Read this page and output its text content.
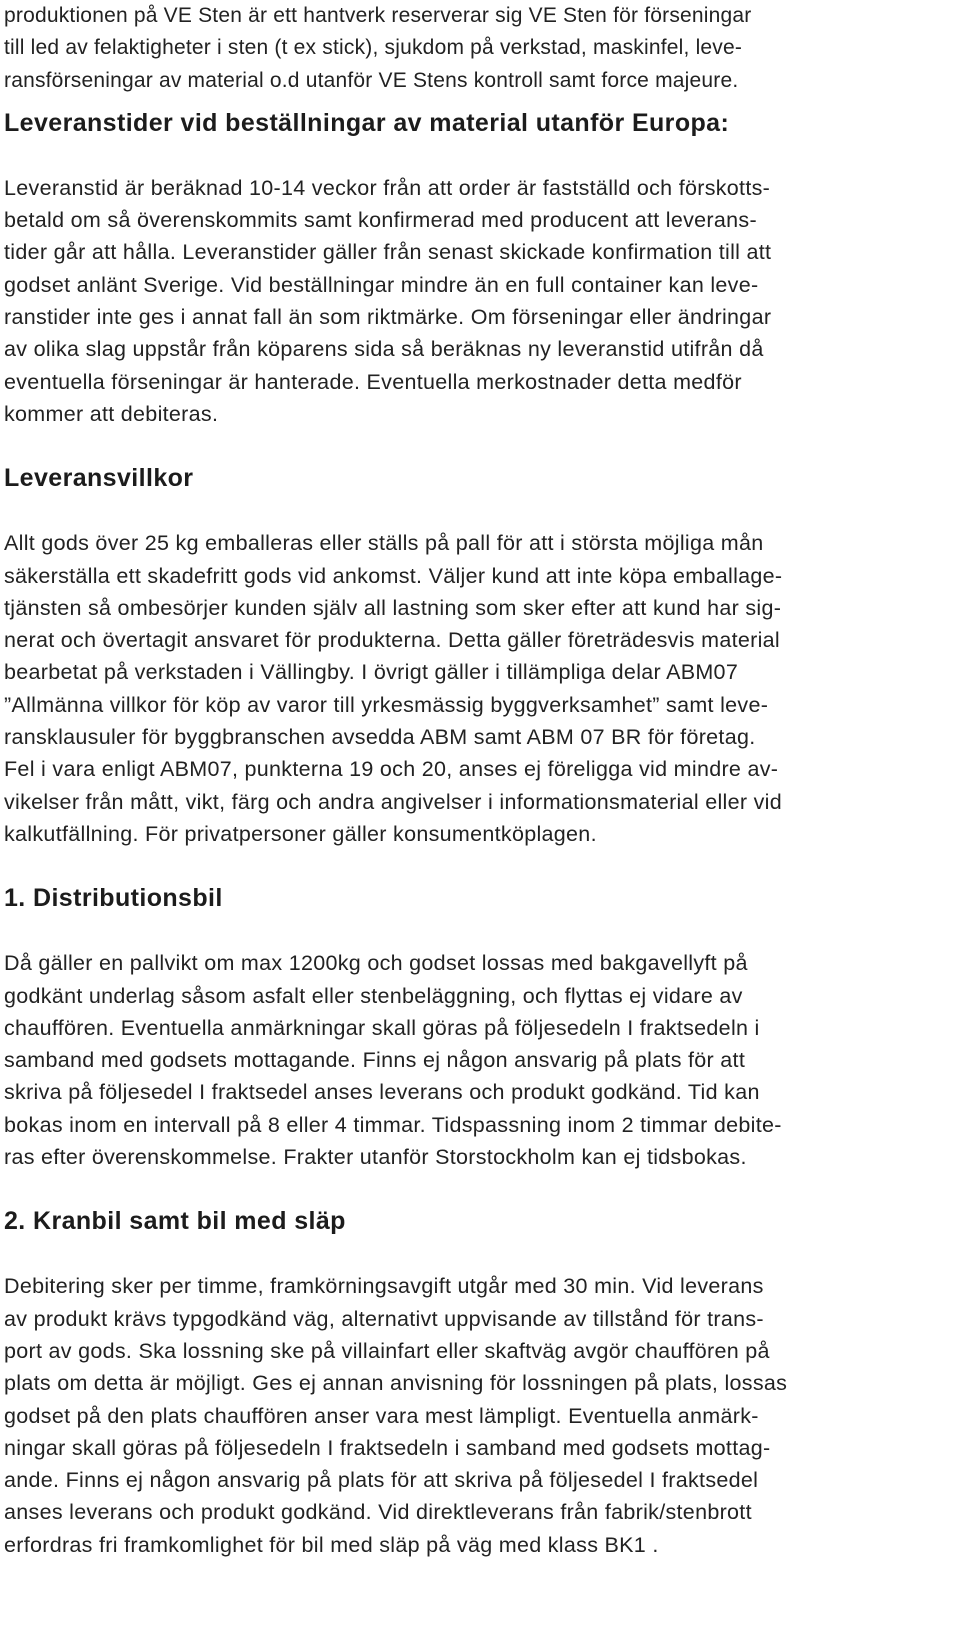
produktionen på VE Sten är ett hantverk reserverar sig VE Sten för förseningar
till led av felaktigheter i sten (t ex stick), sjukdom på verkstad, maskinfel, leve-
ransförseningar av material o.d utanför VE Stens kontroll samt force majeure.
Leveranstider vid beställningar av material utanför Europa:
Leveranstid är beräknad 10-14 veckor från att order är fastställd och förskotts-
betald om så överenskommits samt konfirmerad med producent att leverans-
tider går att hålla. Leveranstider gäller från senast skickade konfirmation till att
godset anlänt Sverige. Vid beställningar mindre än en full container kan leve-
ranstider inte ges i annat fall än som riktmärke. Om förseningar eller ändringar
av olika slag uppstår från köparens sida så beräknas ny leveranstid utifrån då
eventuella förseningar är hanterade. Eventuella merkostnader detta medför
kommer att debiteras.
Leveransvillkor
Allt gods över 25 kg emballeras eller ställs på pall för att i största möjliga mån
säkerställa ett skadefritt gods vid ankomst. Väljer kund att inte köpa emballage-
tjänsten så ombesörjer kunden själv all lastning som sker efter att kund har sig-
nerat och övertagit ansvaret för produkterna. Detta gäller företrädesvis material
bearbetat på verkstaden i Vällingby. I övrigt gäller i tillämpliga delar ABM07
”Allmänna villkor för köp av varor till yrkesmässig byggverksamhet” samt leve-
ransklausuler för byggbranschen avsedda ABM samt ABM 07 BR för företag.
Fel i vara enligt ABM07, punkterna 19 och 20, anses ej föreligga vid mindre av-
vikelser från mått, vikt, färg och andra angivelser i informationsmaterial eller vid
kalkutfällning. För privatpersoner gäller konsumentköplagen.
1. Distributionsbil
Då gäller en pallvikt om max 1200kg och godset lossas med bakgavellyft på
godkänt underlag såsom asfalt eller stenbeläggning, och flyttas ej vidare av
chauffören. Eventuella anmärkningar skall göras på följesedeln I fraktsedeln i
samband med godsets mottagande. Finns ej någon ansvarig på plats för att
skriva på följesedel I fraktsedel anses leverans och produkt godkänd. Tid kan
bokas inom en intervall på 8 eller 4 timmar. Tidspassning inom 2 timmar debite-
ras efter överenskommelse. Frakter utanför Storstockholm kan ej tidsbokas.
2. Kranbil samt bil med släp
Debitering sker per timme, framkörningsavgift utgår med 30 min. Vid leverans
av produkt krävs typgodkänd väg, alternativt uppvisande av tillstånd för trans-
port av gods. Ska lossning ske på villainfart eller skaftväg avgör chauffören på
plats om detta är möjligt. Ges ej annan anvisning för lossningen på plats, lossas
godset på den plats chauffören anser vara mest lämpligt. Eventuella anmärk-
ningar skall göras på följesedeln I fraktsedeln i samband med godsets mottag-
ande. Finns ej någon ansvarig på plats för att skriva på följesedel I fraktsedel
anses leverans och produkt godkänd. Vid direktleverans från fabrik/stenbrott
erfordras fri framkomlighet för bil med släp på väg med klass BK1 .
